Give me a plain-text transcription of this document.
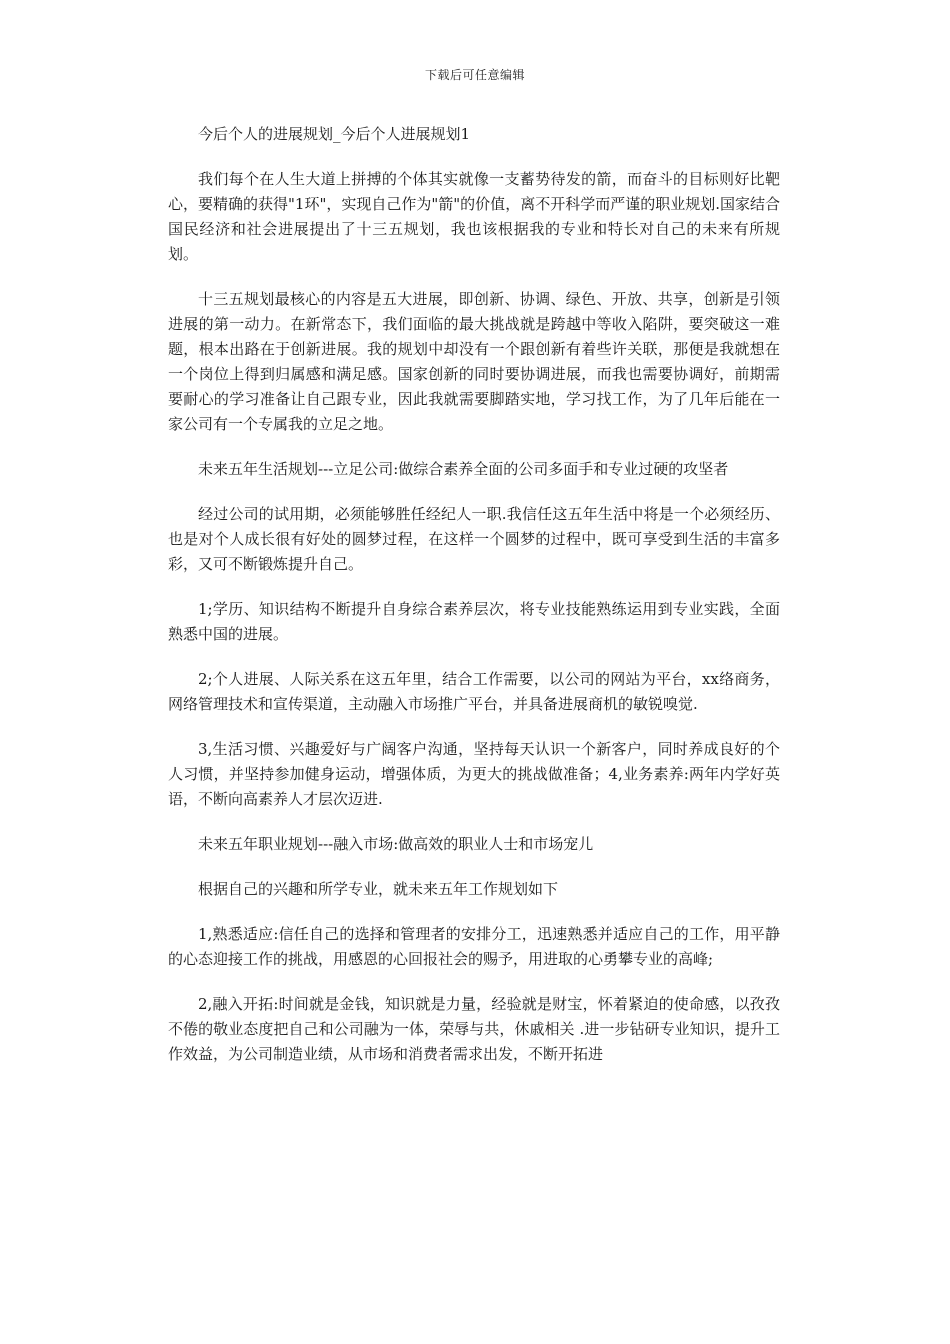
下载后可任意编辑

今后个人的进展规划_今后个人进展规划1

我们每个在人生大道上拼搏的个体其实就像一支蓄势待发的箭，而奋斗的目标则好比靶心，要精确的获得"1环"，实现自己作为"箭"的价值，离不开科学而严谨的职业规划.国家结合国民经济和社会进展提出了十三五规划，我也该根据我的专业和特长对自己的未来有所规划。

十三五规划最核心的内容是五大进展，即创新、协调、绿色、开放、共享，创新是引领进展的第一动力。在新常态下，我们面临的最大挑战就是跨越中等收入陷阱，要突破这一难题，根本出路在于创新进展。我的规划中却没有一个跟创新有着些许关联，那便是我就想在一个岗位上得到归属感和满足感。国家创新的同时要协调进展，而我也需要协调好，前期需要耐心的学习准备让自己跟专业，因此我就需要脚踏实地，学习找工作，为了几年后能在一家公司有一个专属我的立足之地。

未来五年生活规划---立足公司:做综合素养全面的公司多面手和专业过硬的攻坚者

经过公司的试用期，必须能够胜任经纪人一职.我信任这五年生活中将是一个必须经历、也是对个人成长很有好处的圆梦过程，在这样一个圆梦的过程中，既可享受到生活的丰富多彩，又可不断锻炼提升自己。

1;学历、知识结构不断提升自身综合素养层次，将专业技能熟练运用到专业实践，全面熟悉中国的进展。

2;个人进展、人际关系在这五年里，结合工作需要，以公司的网站为平台，xx络商务，网络管理技术和宣传渠道，主动融入市场推广平台，并具备进展商机的敏锐嗅觉.

3,生活习惯、兴趣爱好与广阔客户沟通，坚持每天认识一个新客户，同时养成良好的个人习惯，并坚持参加健身运动，增强体质，为更大的挑战做准备；4,业务素养:两年内学好英语，不断向高素养人才层次迈进.

未来五年职业规划---融入市场:做高效的职业人士和市场宠儿

根据自己的兴趣和所学专业，就未来五年工作规划如下

1,熟悉适应:信任自己的选择和管理者的安排分工，迅速熟悉并适应自己的工作，用平静的心态迎接工作的挑战，用感恩的心回报社会的赐予，用进取的心勇攀专业的高峰;

2,融入开拓:时间就是金钱，知识就是力量，经验就是财宝，怀着紧迫的使命感，以孜孜不倦的敬业态度把自己和公司融为一体，荣辱与共，休戚相关 .进一步钻研专业知识，提升工作效益，为公司制造业绩，从市场和消费者需求出发，不断开拓进
